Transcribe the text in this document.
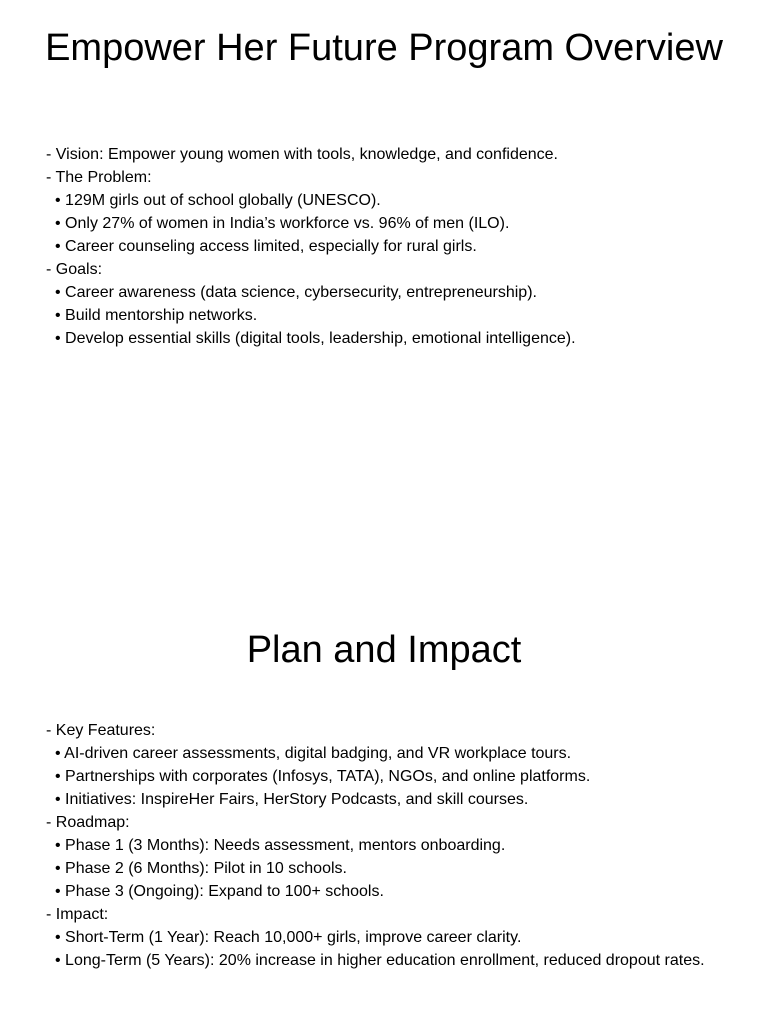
Empower Her Future Program Overview
- Vision: Empower young women with tools, knowledge, and confidence.
- The Problem:
• 129M girls out of school globally (UNESCO).
• Only 27% of women in India’s workforce vs. 96% of men (ILO).
• Career counseling access limited, especially for rural girls.
- Goals:
• Career awareness (data science, cybersecurity, entrepreneurship).
• Build mentorship networks.
• Develop essential skills (digital tools, leadership, emotional intelligence).
Plan and Impact
- Key Features:
• AI-driven career assessments, digital badging, and VR workplace tours.
• Partnerships with corporates (Infosys, TATA), NGOs, and online platforms.
• Initiatives: InspireHer Fairs, HerStory Podcasts, and skill courses.
- Roadmap:
• Phase 1 (3 Months): Needs assessment, mentors onboarding.
• Phase 2 (6 Months): Pilot in 10 schools.
• Phase 3 (Ongoing): Expand to 100+ schools.
- Impact:
• Short-Term (1 Year): Reach 10,000+ girls, improve career clarity.
• Long-Term (5 Years): 20% increase in higher education enrollment, reduced dropout rates.
